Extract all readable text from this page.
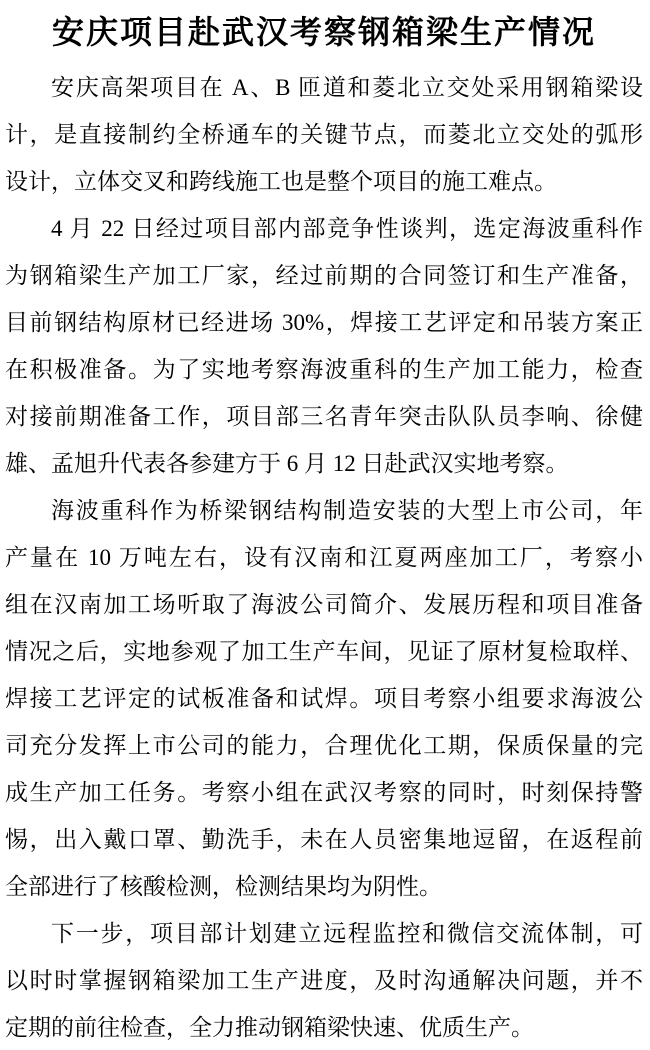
安庆项目赴武汉考察钢箱梁生产情况

安庆高架项目在 A、B 匝道和菱北立交处采用钢箱梁设
计，是直接制约全桥通车的关键节点，而菱北立交处的弧形
设计，立体交叉和跨线施工也是整个项目的施工难点。

4 月 22 日经过项目部内部竞争性谈判，选定海波重科作
为钢箱梁生产加工厂家，经过前期的合同签订和生产准备，
目前钢结构原材已经进场 30%，焊接工艺评定和吊装方案正
在积极准备。为了实地考察海波重科的生产加工能力，检查
对接前期准备工作，项目部三名青年突击队队员李响、徐健
雄、孟旭升代表各参建方于 6 月 12 日赴武汉实地考察。

海波重科作为桥梁钢结构制造安装的大型上市公司，年
产量在 10 万吨左右，设有汉南和江夏两座加工厂，考察小
组在汉南加工场听取了海波公司简介、发展历程和项目准备
情况之后，实地参观了加工生产车间，见证了原材复检取样、
焊接工艺评定的试板准备和试焊。项目考察小组要求海波公
司充分发挥上市公司的能力，合理优化工期，保质保量的完
成生产加工任务。考察小组在武汉考察的同时，时刻保持警
惕，出入戴口罩、勤洗手，未在人员密集地逗留，在返程前
全部进行了核酸检测，检测结果均为阴性。

下一步，项目部计划建立远程监控和微信交流体制，可
以时时掌握钢箱梁加工生产进度，及时沟通解决问题，并不
定期的前往检查，全力推动钢箱梁快速、优质生产。
